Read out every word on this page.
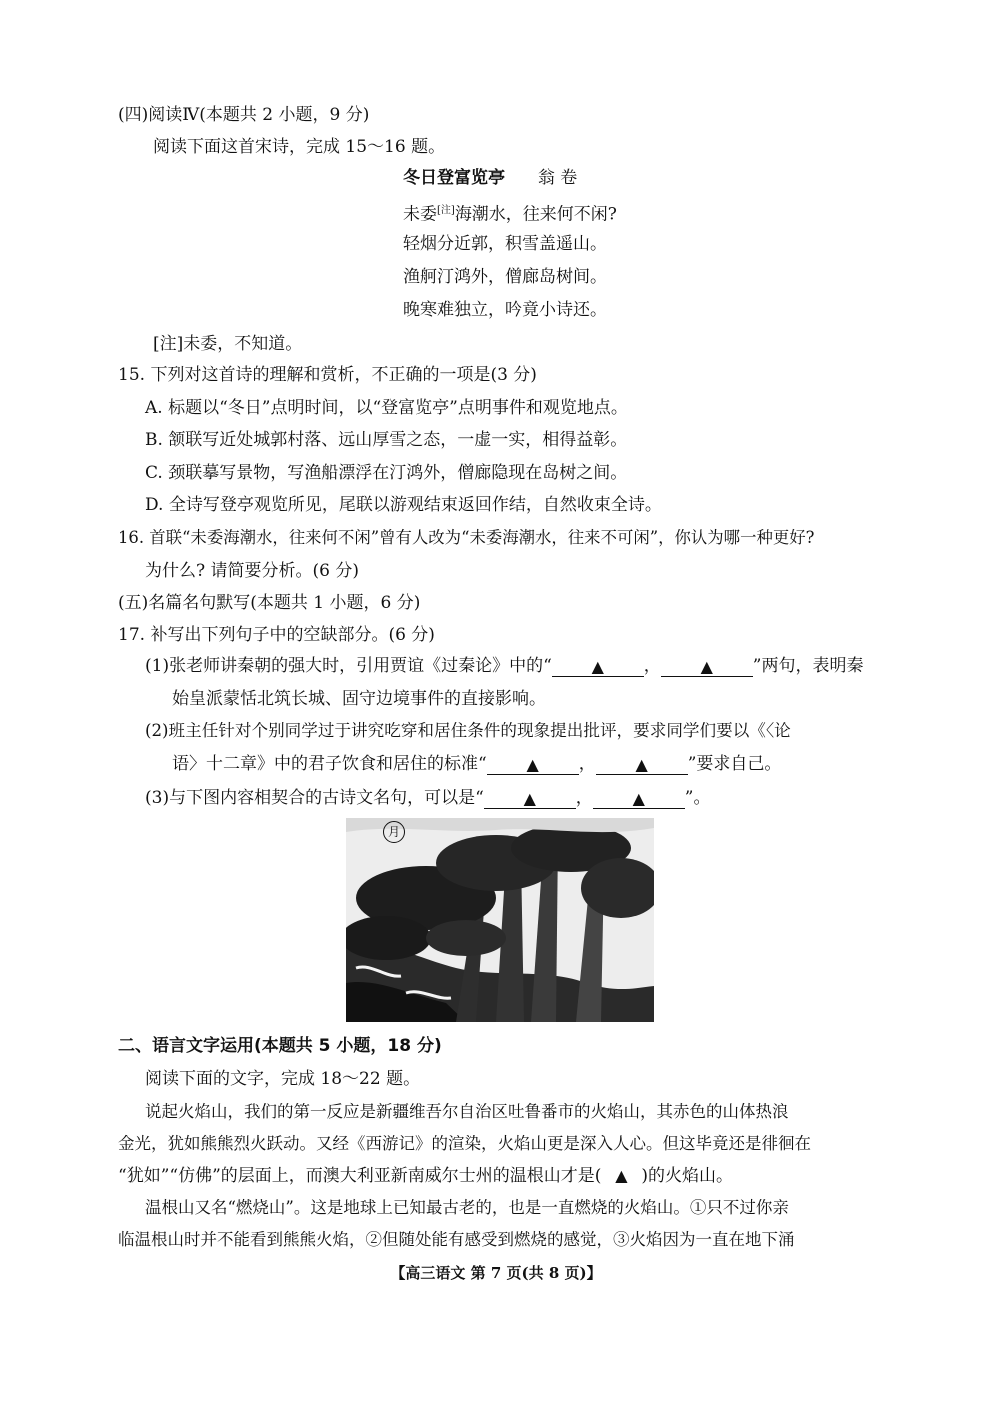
(四)阅读Ⅳ(本题共 2 小题，9 分)
阅读下面这首宋诗，完成 15～16 题。
冬日登富览亭 翁 卷
未委[注]海潮水，往来何不闲?
轻烟分近郭，积雪盖遥山。
渔舸汀鸿外，僧廊岛树间。
晚寒难独立，吟竟小诗还。
[注]未委，不知道。
15. 下列对这首诗的理解和赏析，不正确的一项是(3 分)
A. 标题以“冬日”点明时间，以“登富览亭”点明事件和观览地点。
B. 颔联写近处城郭村落、远山厚雪之态，一虚一实，相得益彰。
C. 颈联摹写景物，写渔船漂浮在汀鸿外，僧廊隐现在岛树之间。
D. 全诗写登亭观览所见，尾联以游观结束返回作结，自然收束全诗。
16. 首联“未委海潮水，往来何不闲”曾有人改为“未委海潮水，往来不可闲”，你认为哪一种更好?
为什么? 请简要分析。(6 分)
(五)名篇名句默写(本题共 1 小题，6 分)
17. 补写出下列句子中的空缺部分。(6 分)
(1)张老师讲秦朝的强大时，引用贾谊《过秦论》中的“ ▲ ， ▲ ”两句，表明秦
始皇派蒙恬北筑长城、固守边境事件的直接影响。
(2)班主任针对个别同学过于讲究吃穿和居住条件的现象提出批评，要求同学们要以《〈论
语〉十二章》中的君子饮食和居住的标准“ ▲ ， ▲ ”要求自己。
(3)与下图内容相契合的古诗文名句，可以是“ ▲ ， ▲ ”。
月
二、语言文字运用(本题共 5 小题，18 分)
阅读下面的文字，完成 18～22 题。
说起火焰山，我们的第一反应是新疆维吾尔自治区吐鲁番市的火焰山，其赤色的山体热浪
金光，犹如熊熊烈火跃动。又经《西游记》的渲染，火焰山更是深入人心。但这毕竟还是徘徊在
“犹如”“仿佛”的层面上，而澳大利亚新南威尔士州的温根山才是( ▲ )的火焰山。
温根山又名“燃烧山”。这是地球上已知最古老的，也是一直燃烧的火焰山。①只不过你亲
临温根山时并不能看到熊熊火焰，②但随处能有感受到燃烧的感觉，③火焰因为一直在地下涌
【高三语文 第 7 页(共 8 页)】
